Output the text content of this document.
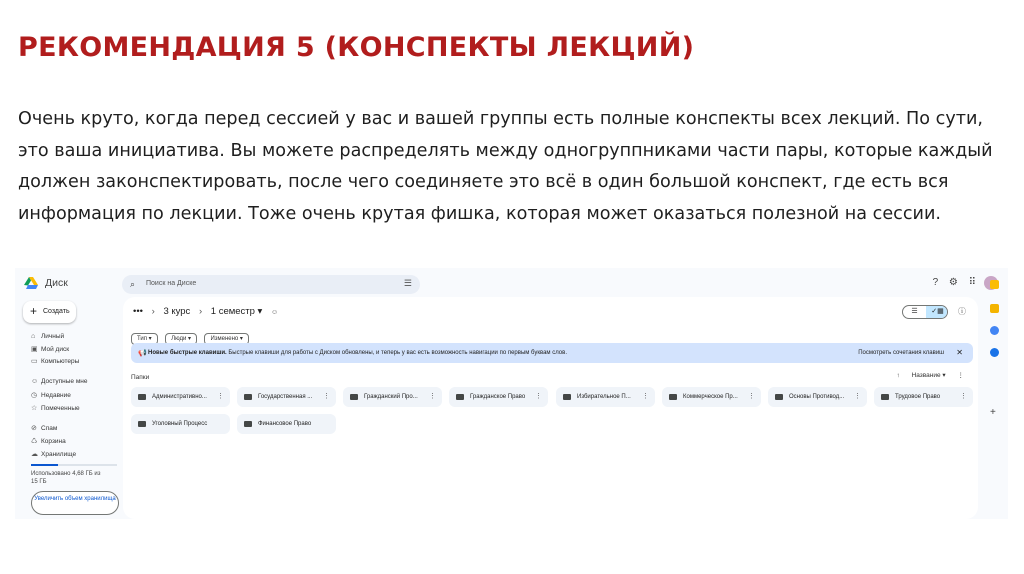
РЕКОМЕНДАЦИЯ 5 (КОНСПЕКТЫ ЛЕКЦИЙ)
Очень круто, когда перед сессией у вас и вашей группы есть полные конспекты всех лекций. По сути, это ваша инициатива. Вы можете распределять между одногруппниками части пары, которые каждый должен законспектировать, после чего соединяете это всё в один большой конспект, где есть вся информация по лекции. Тоже очень крутая фишка, которая может оказаться полезной на сессии.
Диск	⌕ Поиск на Диске	☰	? ⚙ ⠿
+ Создать
⌂ Личный
▣ Мой диск
▭ Компьютеры
☺ Доступные мне
◷ Недавние
☆ Помеченные
⊘ Спам
♺ Корзина
☁ Хранилище
Использовано 4,68 ГБ из 15 ГБ
Увеличить объем хранилища
••• › 3 курс › 1 семестр ▾ ☺	☰	✓▦	ⓘ
Тип ▾	Люди ▾	Изменено ▾
📢 Новые быстрые клавиши. Быстрые клавиши для работы с Диском обновлены, и теперь у вас есть возможность навигации по первым буквам слов.	Посмотреть сочетания клавиш ✕
Папки	↑ Название ▾ ⋮
Административно... ⋮	Государственная ... ⋮	Гражданский Про... ⋮	Гражданское Право ⋮	Избирательное П... ⋮	Коммерческое Пр... ⋮	Основы Противод... ⋮	Трудовое Право	⋮
Уголовный Процесс	Финансовое Право
+
